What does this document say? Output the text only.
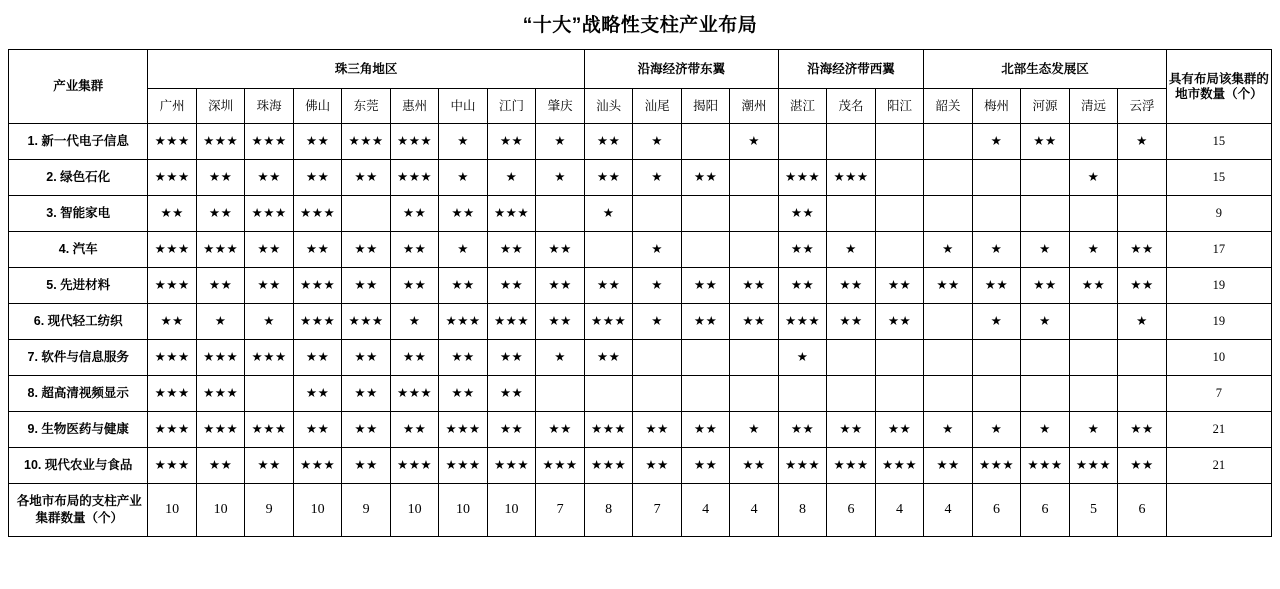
“十大”战略性支柱产业布局
产业集群	珠三角地区									沿海经济带东翼				沿海经济带西翼			北部生态发展区					具有布局该集群的地市数量（个）
	广州	深圳	珠海	佛山	东莞	惠州	中山	江门	肇庆	汕头	汕尾	揭阳	潮州	湛江	茂名	阳江	韶关	梅州	河源	清远	云浮	
1. 新一代电子信息	★★★	★★★	★★★	★★	★★★	★★★	★	★★	★	★★	★		★					★	★★		★	15
2. 绿色石化	★★★	★★	★★	★★	★★	★★★	★	★	★	★★	★	★★		★★★	★★★					★		15
3. 智能家电	★★	★★	★★★	★★★		★★	★★	★★★		★				★★								9
4. 汽车	★★★	★★★	★★	★★	★★	★★	★	★★	★★		★			★★	★		★	★	★	★	★★	17
5. 先进材料	★★★	★★	★★	★★★	★★	★★	★★	★★	★★	★★	★	★★	★★	★★	★★	★★	★★	★★	★★	★★	★★	19
6. 现代轻工纺织	★★	★	★	★★★	★★★	★	★★★	★★★	★★	★★★	★	★★	★★	★★★	★★	★★		★	★		★	19
7. 软件与信息服务	★★★	★★★	★★★	★★	★★	★★	★★	★★	★	★★				★								10
8. 超高清视频显示	★★★	★★★		★★	★★	★★★	★★	★★														7
9. 生物医药与健康	★★★	★★★	★★★	★★	★★	★★	★★★	★★	★★	★★★	★★	★★	★	★★	★★	★★	★	★	★	★	★★	21
10. 现代农业与食品	★★★	★★	★★	★★★	★★	★★★	★★★	★★★	★★★	★★★	★★	★★	★★	★★★	★★★	★★★	★★	★★★	★★★	★★★	★★	21
各地市布局的支柱产业集群数量（个）	10	10	9	10	9	10	10	10	7	8	7	4	4	8	6	4	4	6	6	5	6	
